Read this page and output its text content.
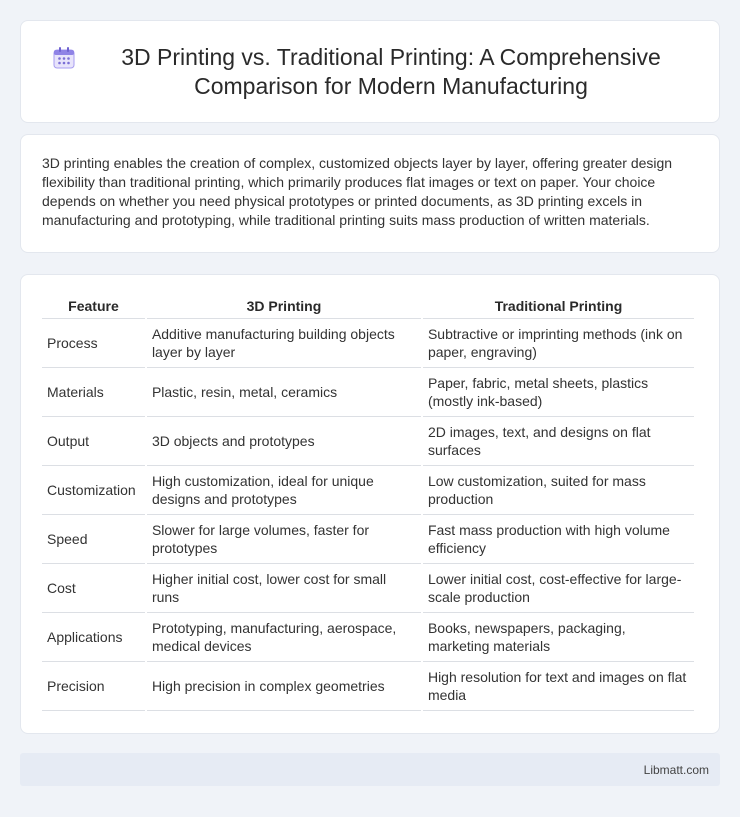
3D Printing vs. Traditional Printing: A Comprehensive Comparison for Modern Manufacturing

3D printing enables the creation of complex, customized objects layer by layer, offering greater design flexibility than traditional printing, which primarily produces flat images or text on paper. Your choice depends on whether you need physical prototypes or printed documents, as 3D printing excels in manufacturing and prototyping, while traditional printing suits mass production of written materials.

Feature	3D Printing	Traditional Printing
Process	Additive manufacturing building objects layer by layer	Subtractive or imprinting methods (ink on paper, engraving)
Materials	Plastic, resin, metal, ceramics	Paper, fabric, metal sheets, plastics (mostly ink-based)
Output	3D objects and prototypes	2D images, text, and designs on flat surfaces
Customization	High customization, ideal for unique designs and prototypes	Low customization, suited for mass production
Speed	Slower for large volumes, faster for prototypes	Fast mass production with high volume efficiency
Cost	Higher initial cost, lower cost for small runs	Lower initial cost, cost-effective for large-scale production
Applications	Prototyping, manufacturing, aerospace, medical devices	Books, newspapers, packaging, marketing materials
Precision	High precision in complex geometries	High resolution for text and images on flat media
Libmatt.com
